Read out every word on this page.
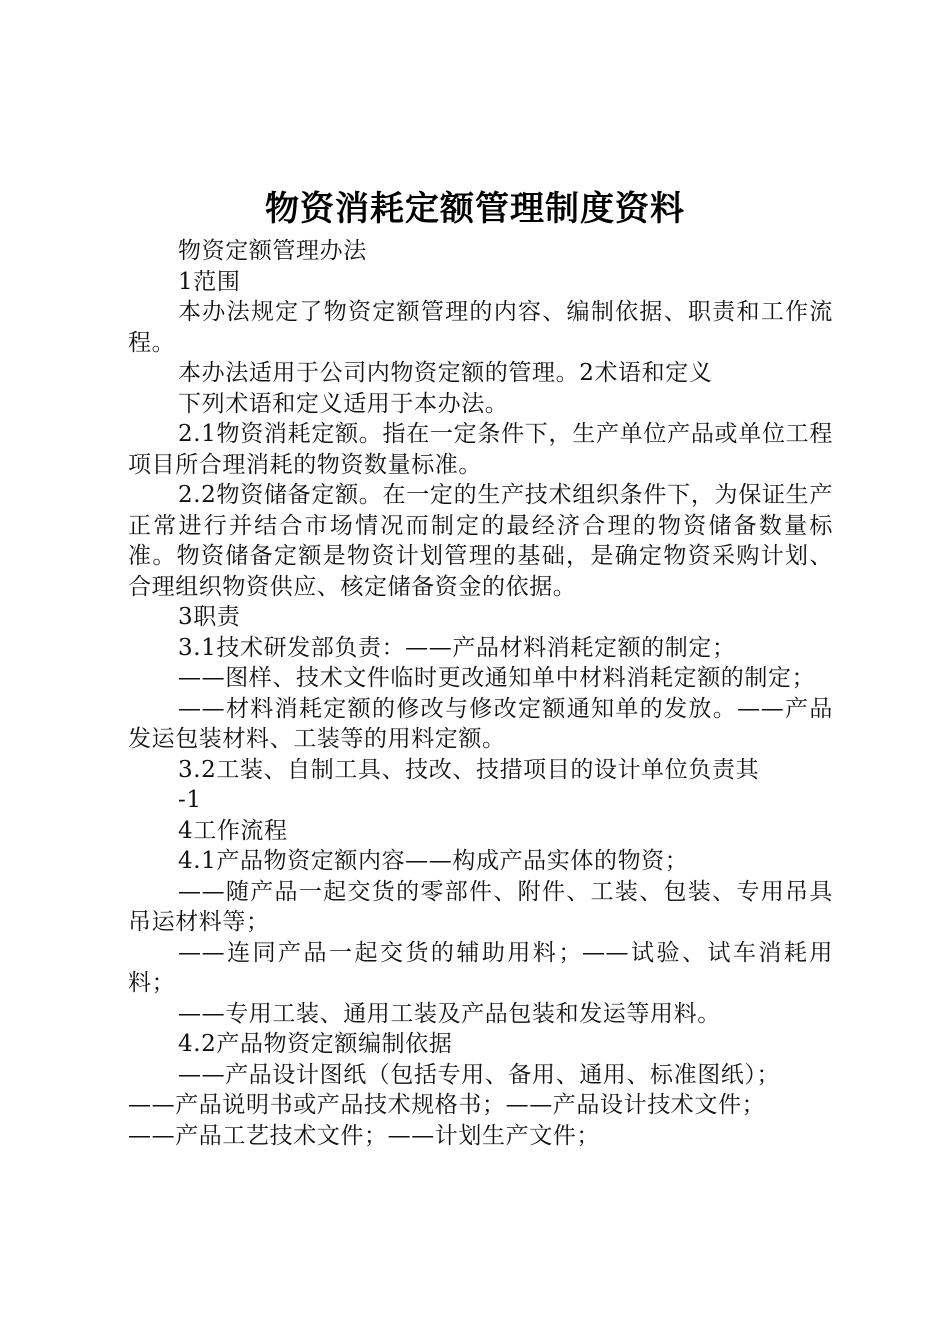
物资消耗定额管理制度资料

物资定额管理办法

1范围

本办法规定了物资定额管理的内容、编制依据、职责和工作流程。

本办法适用于公司内物资定额的管理。2术语和定义

下列术语和定义适用于本办法。

2.1物资消耗定额。指在一定条件下，生产单位产品或单位工程项目所合理消耗的物资数量标准。

2.2物资储备定额。在一定的生产技术组织条件下，为保证生产正常进行并结合市场情况而制定的最经济合理的物资储备数量标准。物资储备定额是物资计划管理的基础，是确定物资采购计划、合理组织物资供应、核定储备资金的依据。

3职责

3.1技术研发部负责：——产品材料消耗定额的制定；

——图样、技术文件临时更改通知单中材料消耗定额的制定；

——材料消耗定额的修改与修改定额通知单的发放。——产品发运包装材料、工装等的用料定额。

3.2工装、自制工具、技改、技措项目的设计单位负责其

-1

4工作流程

4.1产品物资定额内容——构成产品实体的物资；

——随产品一起交货的零部件、附件、工装、包装、专用吊具吊运材料等；

——连同产品一起交货的辅助用料；——试验、试车消耗用料；

——专用工装、通用工装及产品包装和发运等用料。

4.2产品物资定额编制依据

——产品设计图纸（包括专用、备用、通用、标准图纸）；

——产品说明书或产品技术规格书；——产品设计技术文件；

——产品工艺技术文件；——计划生产文件；
